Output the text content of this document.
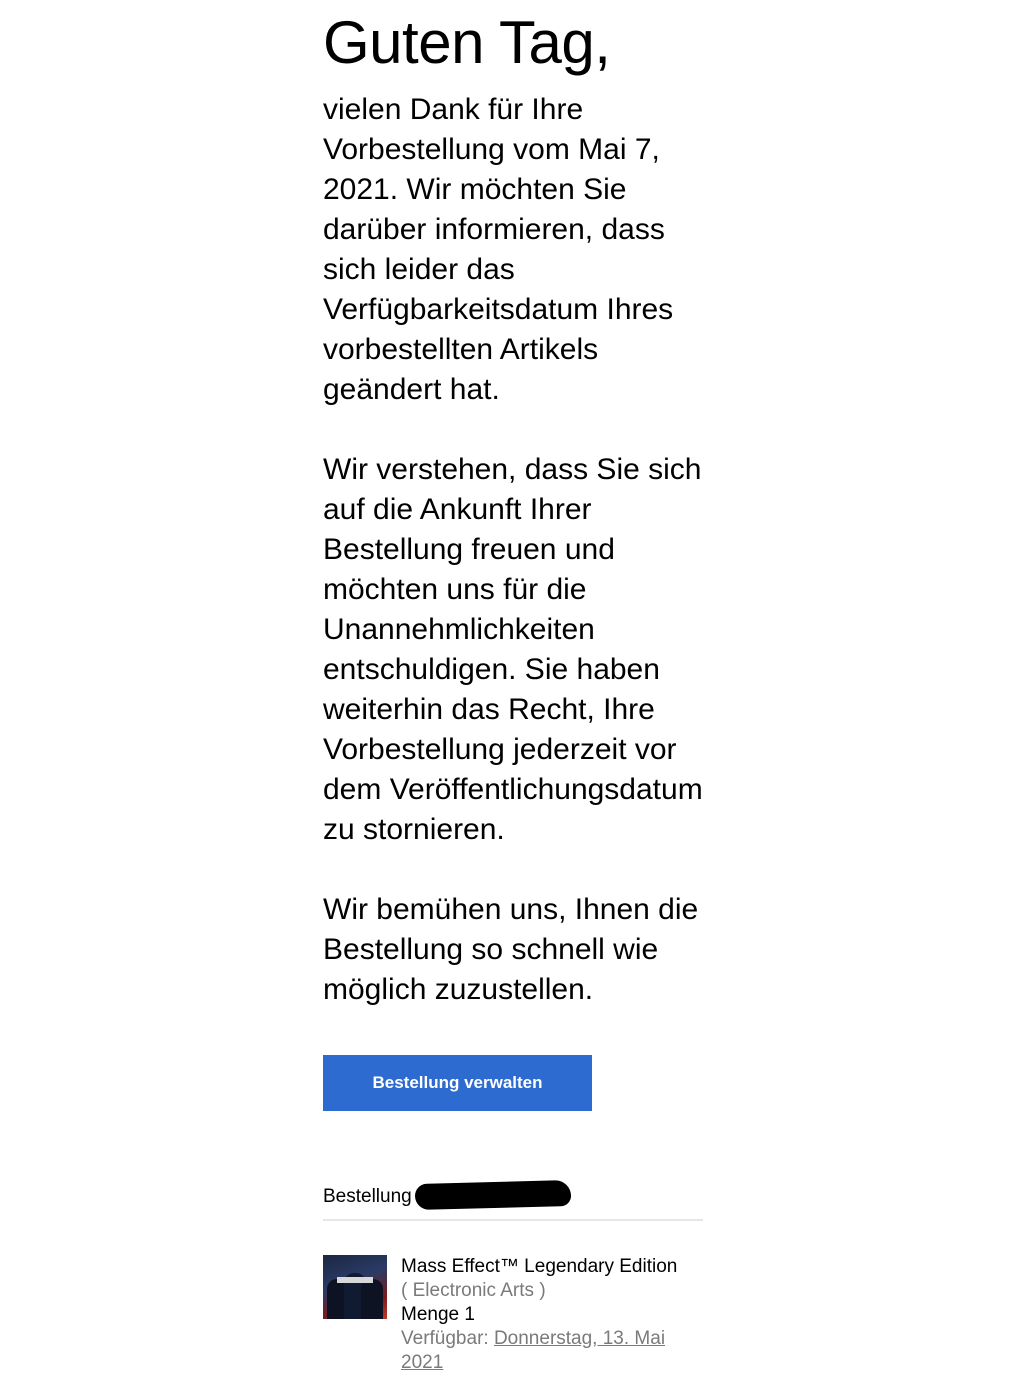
Guten Tag,

vielen Dank für Ihre Vorbestellung vom Mai 7, 2021. Wir möchten Sie darüber informieren, dass sich leider das Verfügbarkeitsdatum Ihres vorbestellten Artikels geändert hat.

Wir verstehen, dass Sie sich auf die Ankunft Ihrer Bestellung freuen und möchten uns für die Unannehmlichkeiten entschuldigen. Sie haben weiterhin das Recht, Ihre Vorbestellung jederzeit vor dem Veröffentlichungsdatum zu stornieren.

Wir bemühen uns, Ihnen die Bestellung so schnell wie möglich zuzustellen.

Bestellung verwalten
Bestellung
Mass Effect™ Legendary Edition
( Electronic Arts )
Menge 1
Verfügbar: Donnerstag, 13. Mai 2021
